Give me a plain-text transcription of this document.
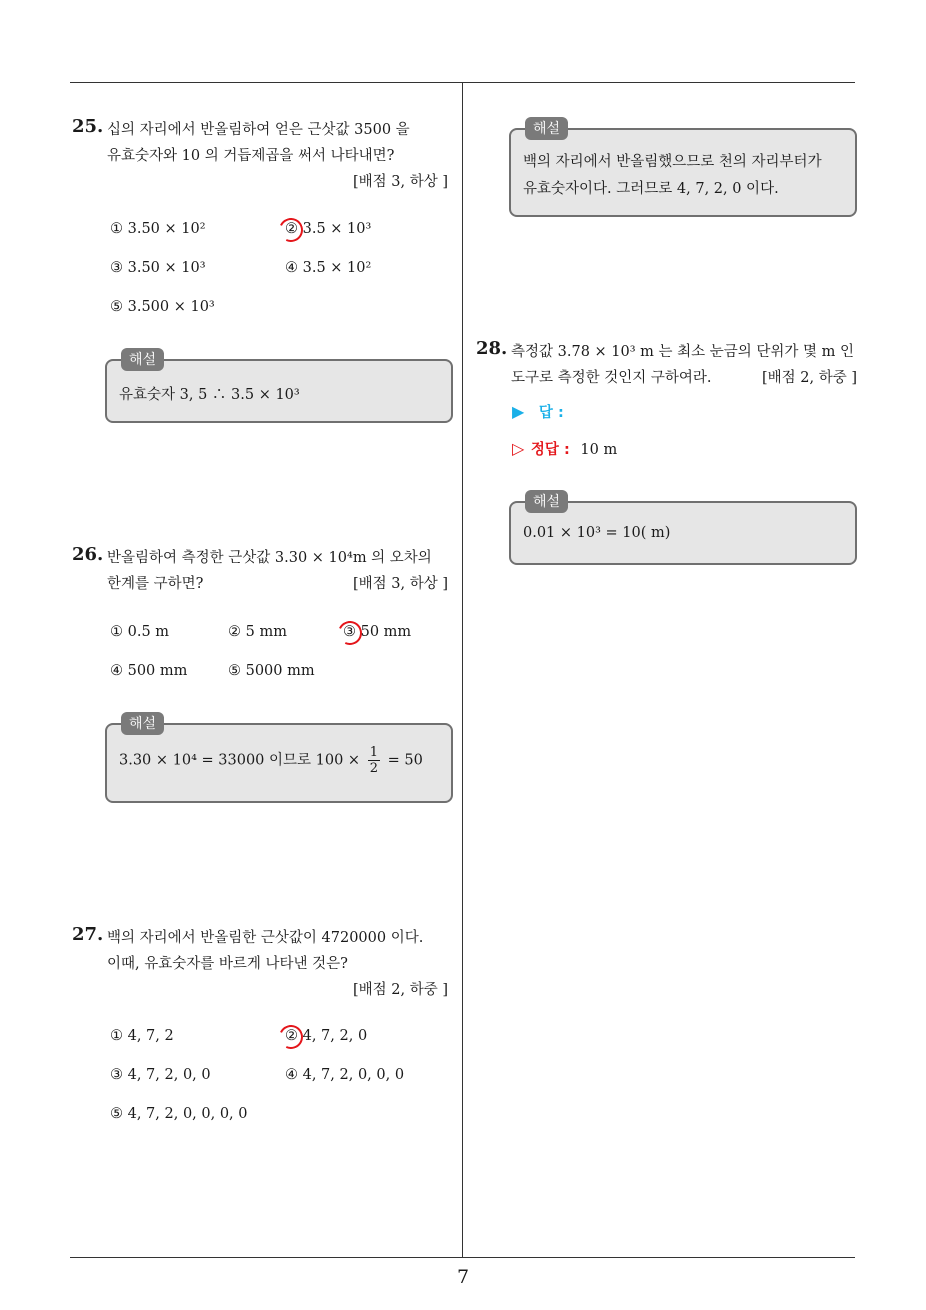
25. 십의 자리에서 반올림하여 얻은 근삿값 3500 을
유효숫자와 10 의 거듭제곱을 써서 나타내면?
[배점 3, 하상 ]
① 3.50 × 10²	② 3.5 × 10³
③ 3.50 × 10³	④ 3.5 × 10²
⑤ 3.500 × 10³
해설
유효숫자 3, 5 ∴ 3.5 × 10³
26. 반올림하여 측정한 근삿값 3.30 × 10⁴m 의 오차의
한계를 구하면?	[배점 3, 하상 ]
① 0.5 m	② 5 mm	③ 50 mm
④ 500 mm	⑤ 5000 mm
해설
3.30 × 10⁴ = 33000 이므로 $100 \times \frac{1}{2} = 50$
27. 백의 자리에서 반올림한 근삿값이 4720000 이다.
이때, 유효숫자를 바르게 나타낸 것은?
[배점 2, 하중 ]
① 4, 7, 2	② 4, 7, 2, 0
③ 4, 7, 2, 0, 0	④ 4, 7, 2, 0, 0, 0
⑤ 4, 7, 2, 0, 0, 0, 0
해설
백의 자리에서 반올림했으므로 천의 자리부터가
유효숫자이다. 그러므로 4, 7, 2, 0 이다.
28. 측정값 3.78 × 10³ m 는 최소 눈금의 단위가 몇 m 인
도구로 측정한 것인지 구하여라.	[배점 2, 하중 ]
▶ 답 :
▷ 정답 : 10 m
해설
0.01 × 10³ = 10( m)
7
